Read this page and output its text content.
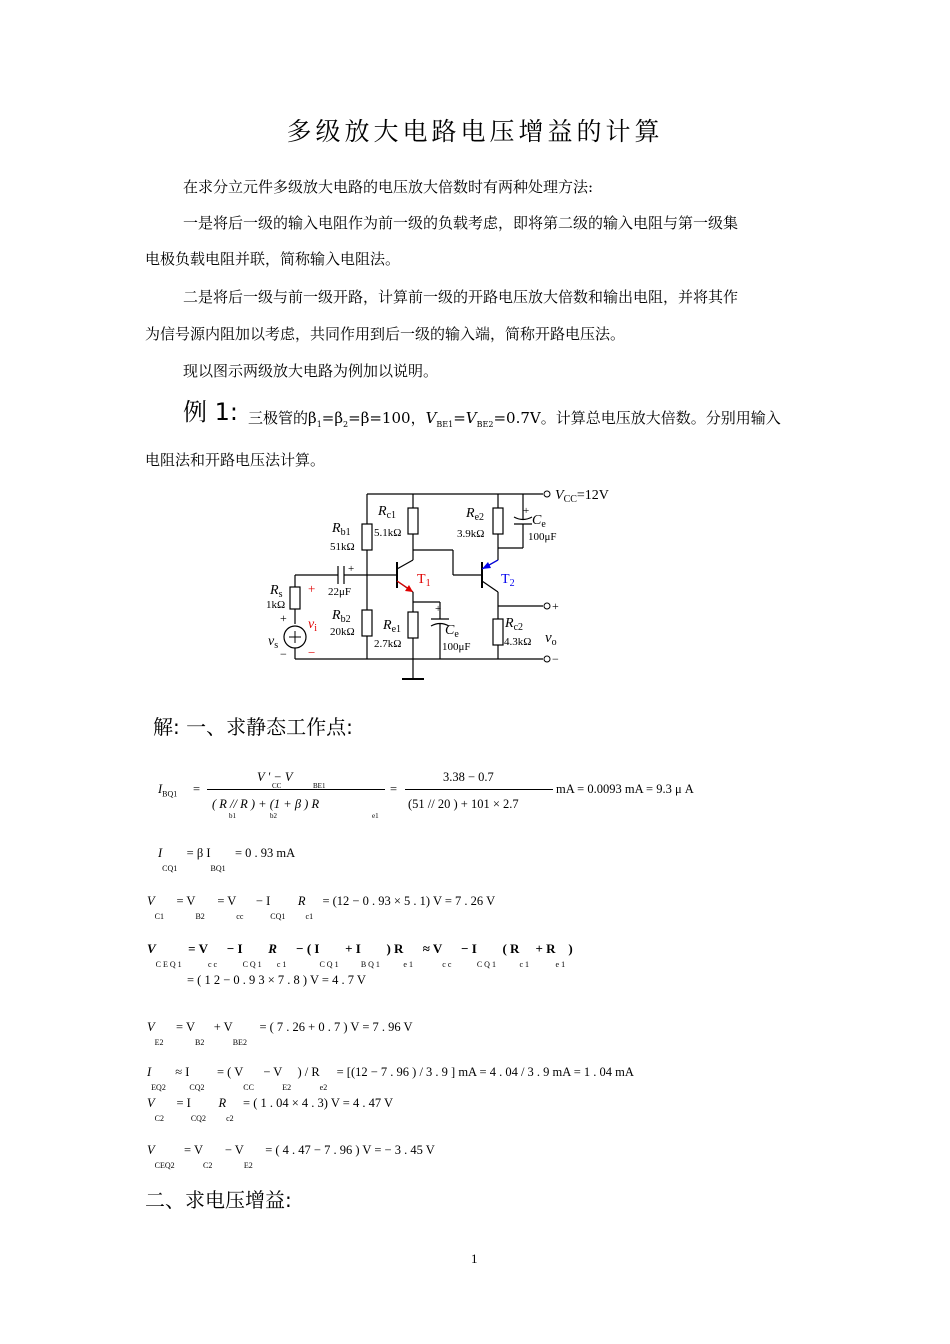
多级放大电路电压增益的计算
在求分立元件多级放大电路的电压放大倍数时有两种处理方法:
一是将后一级的输入电阻作为前一级的负载考虑，即将第二级的输入电阻与第一级集
电极负载电阻并联，简称输入电阻法。
二是将后一级与前一级开路，计算前一级的开路电压放大倍数和输出电阻，并将其作
为信号源内阻加以考虑，共同作用到后一级的输入端，简称开路电压法。
现以图示两级放大电路为例加以说明。
例 1: 三极管的$\beta_1=\beta_2=\beta=100$，$V_{BE1}=V_{BE2}=0.7V$。计算总电压放大倍数。分别用输入
电阻法和开路电压法计算。
$V_{CC}=12V$
$R_{b1}$
51kΩ
$R_{c1}$
5.1kΩ
$R_{e2}$
3.9kΩ
+
$C_e$
100μF
$T_1$	$T_2$
$R_s$
1kΩ
+
22μF
$R_{b2}$
20kΩ $R_{e1}$
2.7kΩ
+
$C_e$
100μF
$R_{c2}$
4.3kΩ
$v_s$
+
−
+
$v_i$
−
+
$v_o$
−
解: 一、求静态工作点:
$I_{BQ1}$ =
V ' − V
CC	BE1
( R // R ) + (1 + β ) R
b1	b2	e1
=
3.38 − 0.7
(51 // 20 ) + 101 × 2.7
mA = 0.0093 mA = 9.3 μ A
$I_{CQ1} = \beta$ $I_{BQ1} = 0$ . 93 mA
$V_{C1}$    = $V_{B2}$    = $V_{cc}$    − $I_{CQ1}$    $R_{c1} = (12 - 0$ . 93 × 5 . 1) V = 7 . 26 V
$V_{C E Q 1} = V_{c c} - I_{C Q 1}$  $R_{c 1}$   − ( $I_{C Q 1} + I_{B Q 1}$  ) $R_{e 1} \approx V_{c c} - I_{C Q 1}$  ( $R_{c 1} + R_{e 1}$ )
= ( 1 2 − 0 . 9 3 × 7 . 8 ) V = 4 . 7 V
$V_{E2}$    = $V_{B2} + V_{BE2}$    = ( 7 . 26 + 0 . 7 ) V = 7 . 96 V
$I_{EQ2} \approx I_{CQ2}$    = ( $V_{CC} - V_{E2}$  ) / $R_{e2} = [(12 - 7$ . 96 ) / 3 . 9 ] mA = 4 . 04 / 3 . 9 mA = 1 . 04 mA
$V_{C2}$    = $I_{CQ2}$    $R_{c2}$   = ( 1 . 04 × 4 . 3) V = 4 . 47 V
$V_{CEQ2} = V_{C2}$    − $V_{E2}$    = ( 4 . 47 − 7 . 96 ) V = − 3 . 45 V
二、求电压增益:
1
